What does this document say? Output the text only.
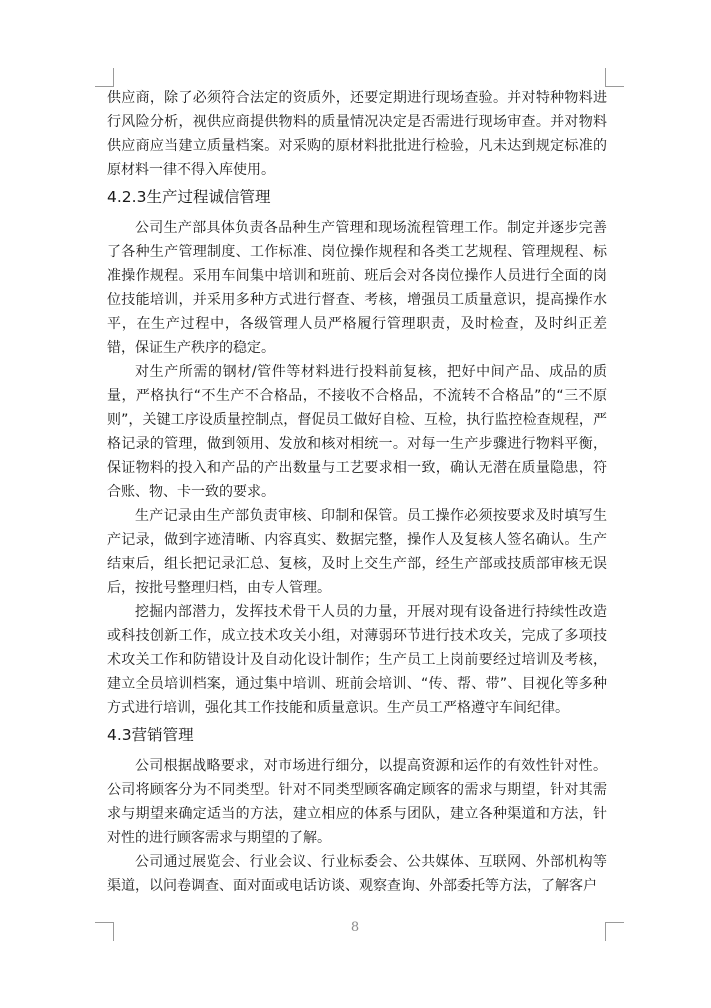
供应商，除了必须符合法定的资质外，还要定期进行现场查验。并对特种物料进行风险分析，视供应商提供物料的质量情况决定是否需进行现场审查。并对物料供应商应当建立质量档案。对采购的原材料批批进行检验，凡未达到规定标准的原材料一律不得入库使用。

4.2.3生产过程诚信管理

公司生产部具体负责各品种生产管理和现场流程管理工作。制定并逐步完善了各种生产管理制度、工作标准、岗位操作规程和各类工艺规程、管理规程、标准操作规程。采用车间集中培训和班前、班后会对各岗位操作人员进行全面的岗位技能培训，并采用多种方式进行督查、考核，增强员工质量意识，提高操作水平，在生产过程中，各级管理人员严格履行管理职责，及时检查，及时纠正差错，保证生产秩序的稳定。

对生产所需的钢材/管件等材料进行投料前复核，把好中间产品、成品的质量，严格执行“不生产不合格品，不接收不合格品，不流转不合格品”的“三不原则”，关键工序设质量控制点，督促员工做好自检、互检，执行监控检查规程，严格记录的管理，做到领用、发放和核对相统一。对每一生产步骤进行物料平衡，保证物料的投入和产品的产出数量与工艺要求相一致，确认无潜在质量隐患，符合账、物、卡一致的要求。

生产记录由生产部负责审核、印制和保管。员工操作必须按要求及时填写生产记录，做到字迹清晰、内容真实、数据完整，操作人及复核人签名确认。生产结束后，组长把记录汇总、复核，及时上交生产部，经生产部或技质部审核无误后，按批号整理归档，由专人管理。

挖掘内部潜力，发挥技术骨干人员的力量，开展对现有设备进行持续性改造或科技创新工作，成立技术攻关小组，对薄弱环节进行技术攻关，完成了多项技术攻关工作和防错设计及自动化设计制作；生产员工上岗前要经过培训及考核，建立全员培训档案，通过集中培训、班前会培训、“传、帮、带”、目视化等多种方式进行培训，强化其工作技能和质量意识。生产员工严格遵守车间纪律。

4.3营销管理

公司根据战略要求，对市场进行细分，以提高资源和运作的有效性针对性。公司将顾客分为不同类型。针对不同类型顾客确定顾客的需求与期望，针对其需求与期望来确定适当的方法，建立相应的体系与团队，建立各种渠道和方法，针对性的进行顾客需求与期望的了解。

公司通过展览会、行业会议、行业标委会、公共媒体、互联网、外部机构等渠道，以问卷调查、面对面或电话访谈、观察查询、外部委托等方法，了解客户

8
